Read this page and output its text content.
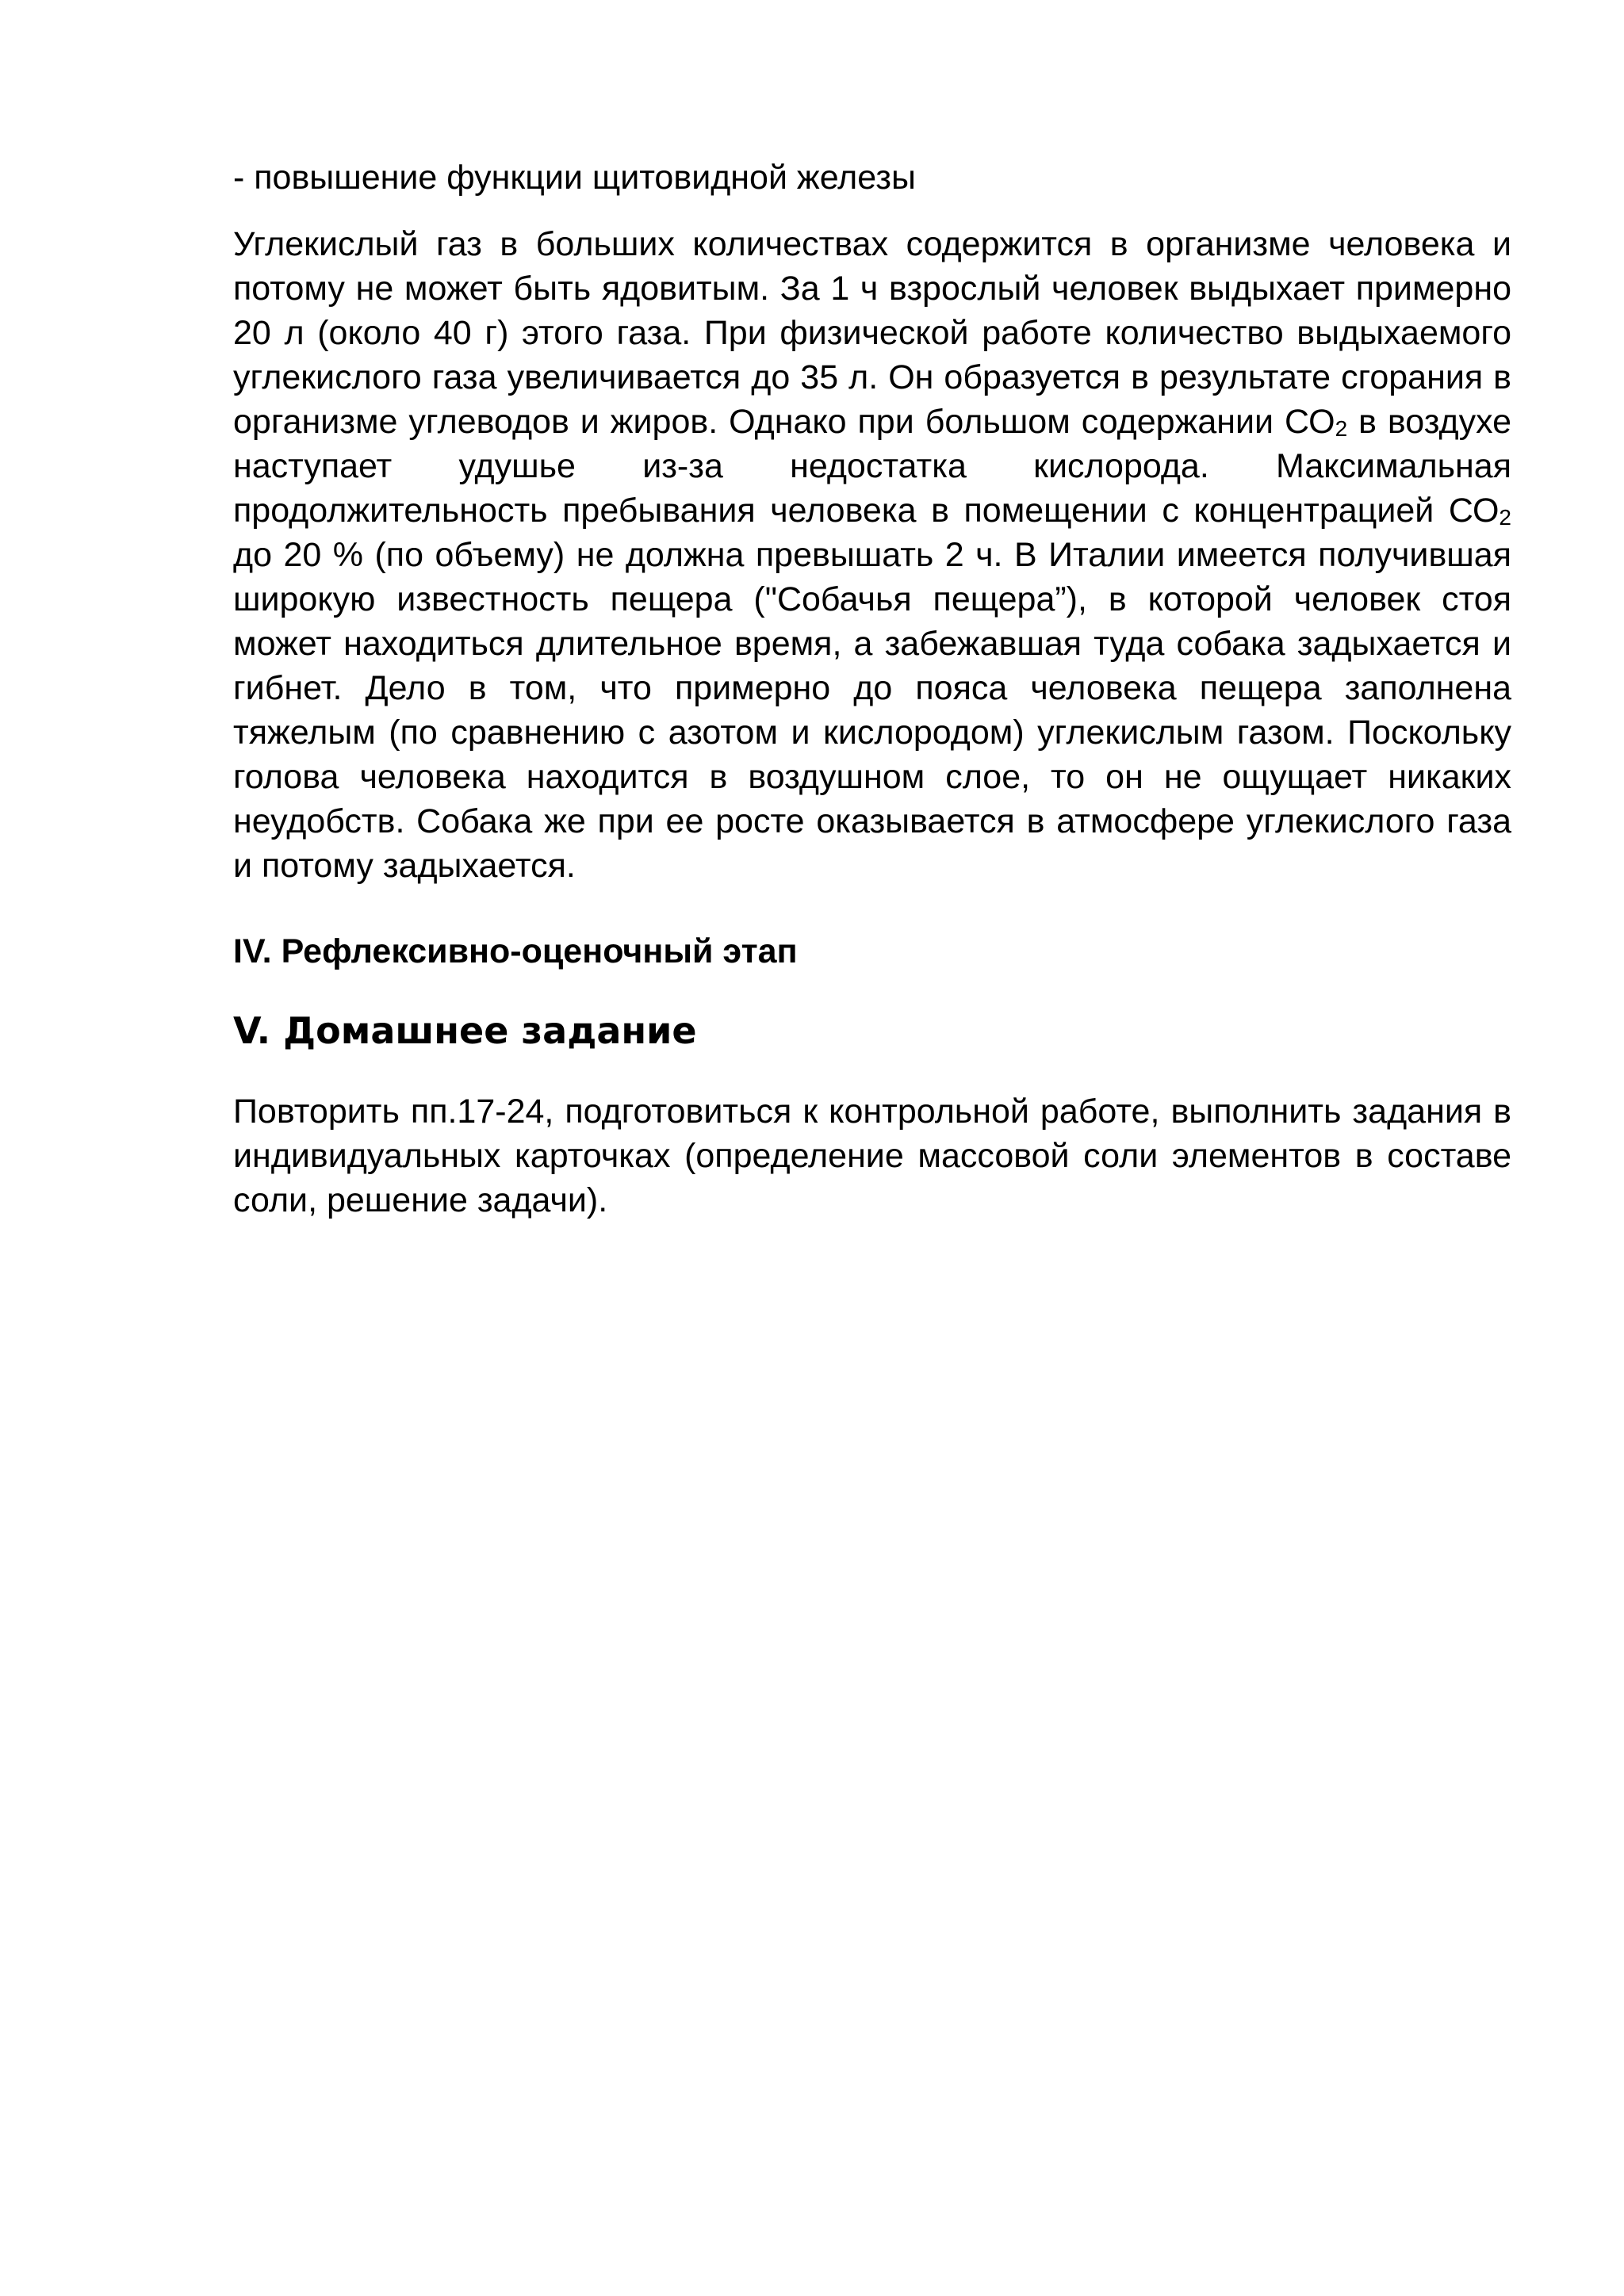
- повышение функции щитовидной железы

Углекислый газ в больших количествах содержится в организме человека и потому не может быть ядовитым. За 1 ч взрослый человек выдыхает примерно 20 л (около 40 г) этого газа. При физической работе количество выдыхаемого углекислого газа увеличивается до 35 л. Он образуется в результате сгорания в организме углеводов и жиров. Однако при большом содержании $СО_2$ в воздухе наступает удушье из-за недостатка кислорода. Максимальная продолжительность пребывания человека в помещении с концентрацией $СО_2$ до 20 % (по объему) не должна превышать 2 ч. В Италии имеется получившая широкую известность пещера ("Собачья пещера”), в которой человек стоя может находиться длительное время, а забежавшая туда собака задыхается и гибнет. Дело в том, что примерно до пояса человека пещера заполнена тяжелым (по сравнению с азотом и кислородом) углекислым газом. Поскольку голова человека находится в воздушном слое, то он не ощущает никаких неудобств. Собака же при ее росте оказывается в атмосфере углекислого газа и потому задыхается.

IV. Рефлексивно-оценочный этап
V. Домашнее задание

Повторить пп.17-24, подготовиться к контрольной работе, выполнить задания в индивидуальных карточках (определение массовой соли элементов в составе соли, решение задачи).
